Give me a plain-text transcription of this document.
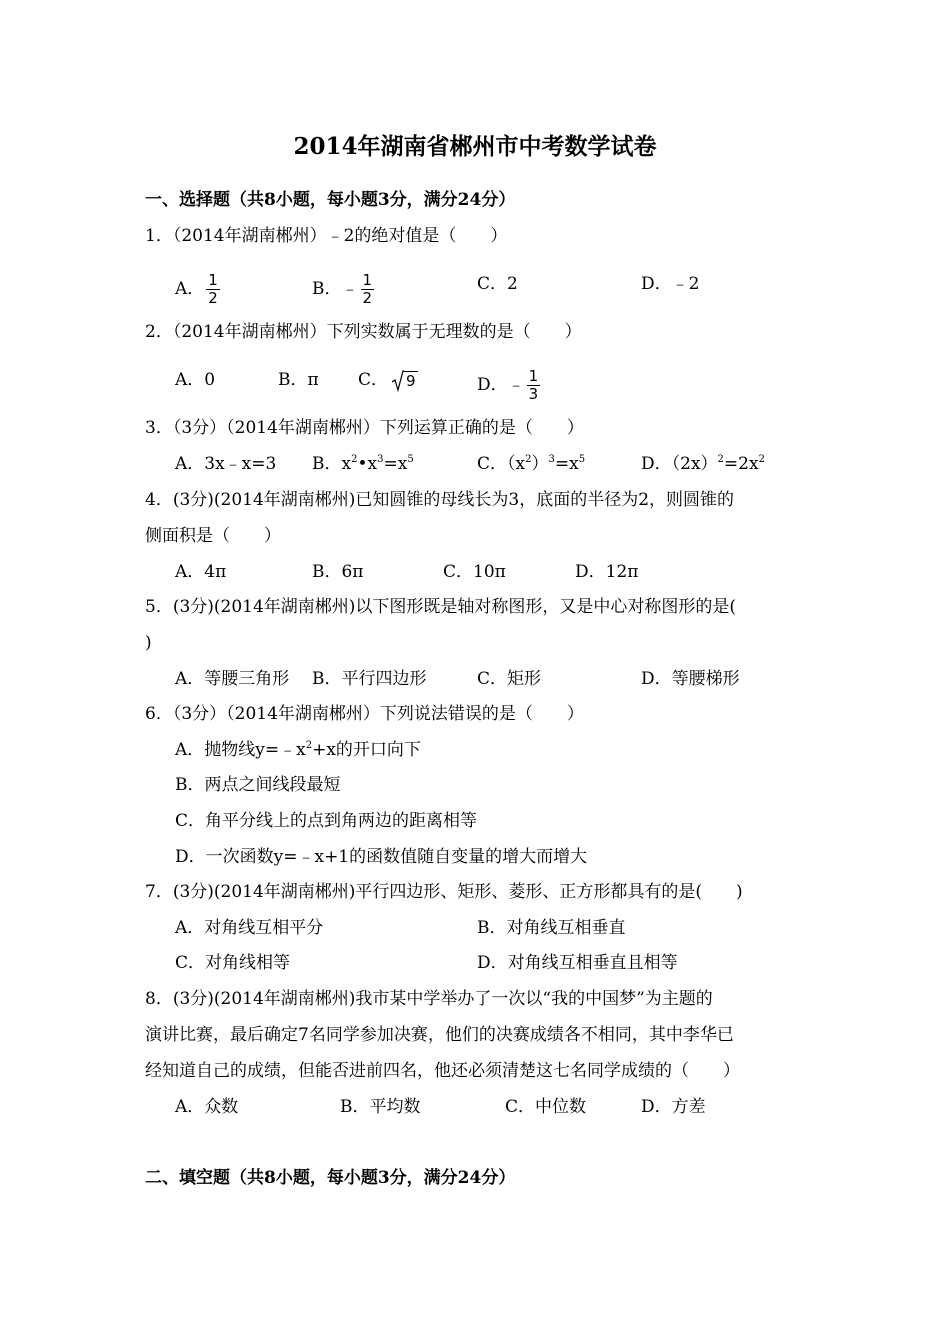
2014年湖南省郴州市中考数学试卷
一、选择题（共8小题，每小题3分，满分24分）
1．（2014年湖南郴州）﹣2的绝对值是（　　）
A． $\frac{1}{2}$	B．﹣ $\frac{1}{2}$	C．2	D．﹣2
2．（2014年湖南郴州）下列实数属于无理数的是（　　）
A．0	B．π C． 9	D．﹣ $\frac{1}{3}$
3．（3分）（2014年湖南郴州）下列运算正确的是（　　）
A．3x﹣x=3 B．$x^2•x^3=x^5$	C．$(x^2)^3=x^5$	D．$(2x)^2=2x^2$
4．(3分)(2014年湖南郴州)已知圆锥的母线长为3，底面的半径为2，则圆锥的
侧面积是（　　）
A．4π	B．6π	C．10π	D．12π
5．(3分)(2014年湖南郴州)以下图形既是轴对称图形，又是中心对称图形的是(
)
A．等腰三角形 B．平行四边形	C．矩形	D．等腰梯形
6．（3分）（2014年湖南郴州）下列说法错误的是（　　）
A．抛物线$y=﹣x^2+x$的开口向下
B．两点之间线段最短
C．角平分线上的点到角两边的距离相等
D．一次函数y=﹣x+1的函数值随自变量的增大而增大
7．(3分)(2014年湖南郴州)平行四边形、矩形、菱形、正方形都具有的是(　　)
A．对角线互相平分	B．对角线互相垂直
C．对角线相等	D．对角线互相垂直且相等
8．(3分)(2014年湖南郴州)我市某中学举办了一次以“我的中国梦”为主题的
演讲比赛，最后确定7名同学参加决赛，他们的决赛成绩各不相同，其中李华已
经知道自己的成绩，但能否进前四名，他还必须清楚这七名同学成绩的（　　）
A．众数	B．平均数	C．中位数	D．方差
二、填空题（共8小题，每小题3分，满分24分）
